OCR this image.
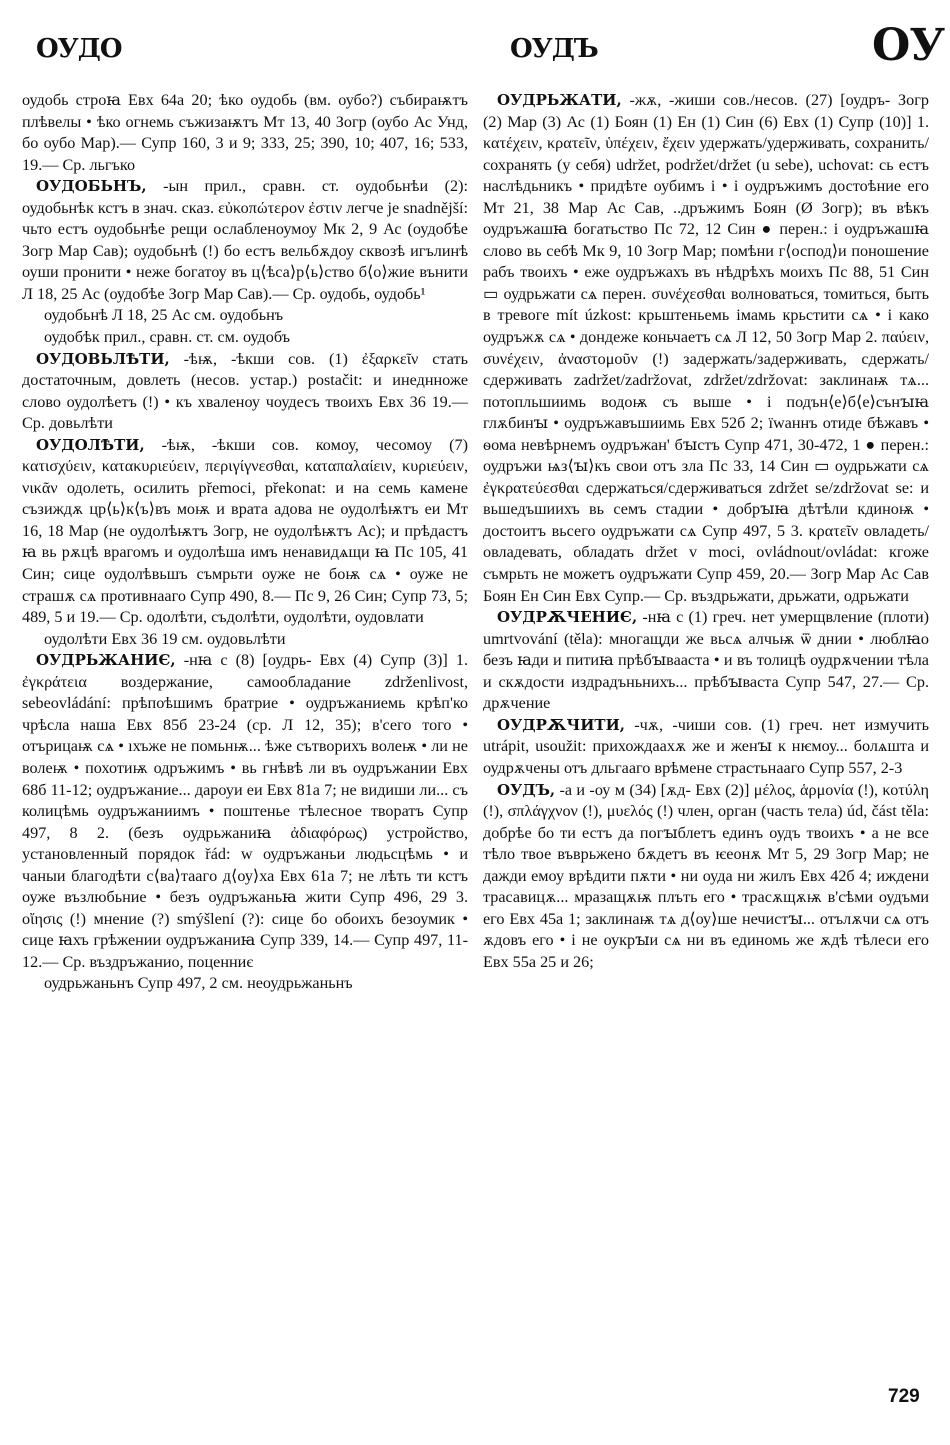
ОУДО	ОУДЪ	ОУ

оудобь строꙗ Евх 64а 20; ѣко оудобь (вм. оубо?) събираѭтъ плѣвелы • ѣко огнемь съжизаѭтъ Мт 13, 40 Зогр (оубо Ас Унд, бо оубо Мар).— Супр 160, 3 и 9; 333, 25; 390, 10; 407, 16; 533, 19.— Ср. льгъко

ОУДОБЬНЪ, -ын прил., сравн. ст. оудобьнѣи (2): оудобьнѣк кстъ в знач. сказ. εὐκοπώτερον ἐστιν легче je snadnější: чьто естъ оудобьнѣе рещи ослабленоумоу Мк 2, 9 Ас (оудобѣе Зогр Мар Сав); оудобьнѣ (!) бо естъ вельбѫдоу сквозѣ игълинѣ оуши пронити • неже богатоу въ ц⟨ѣса⟩р⟨ь⟩ство б⟨о⟩жие вънити Л 18, 25 Ас (оудобѣе Зогр Мар Сав).— Ср. оудобь, оудобь¹

оудобьнѣ Л 18, 25 Ас см. оудобьнъ

оудобѣк прил., сравн. ст. см. оудобъ

ОУДОВЬЛѢТИ, -ѣѭ, -ѣкши сов. (1) ἐξαρκεῖν стать достаточным, довлеть (несов. устар.) postačit: и инеднноже слово оудолѣетъ (!) • къ хваленоу чоудесъ твоихъ Евх 36 19.— Ср. довьлѣти

ОУДОЛѢТИ, -ѣѭ, -ѣкши сов. комоу, чесомоу (7) κατισχύειν, κατακυριεύειν, περιγίγνεσθαι, καταπαλαίειν, κυριεύειν, νικᾶν одолеть, осилить přemoci, překonat: и на семь камене съзиждѫ цр⟨ь⟩к⟨ъ⟩въ моѭ и врата адова не оудолѣѭтъ еи Мт 16, 18 Мар (не оудолѣѭтъ Зогр, не оудолѣѭтъ Ас); и прѣдастъ ꙗ вь рѫцѣ врагомъ и оудолѣша имъ ненавидѧщи ꙗ Пс 105, 41 Син; сице оудолѣвьшъ съмрьти оуже не боѭ сѧ • оуже не страшѫ сѧ противнааго Супр 490, 8.— Пс 9, 26 Син; Супр 73, 5; 489, 5 и 19.— Ср. одолѣти, съдолѣти, оудолѣти, оудовлати

оудолѣти Евх 36 19 см. оудовьлѣти

ОУДРЬЖАНИЄ, -нꙗ с (8) [оудрь- Евх (4) Супр (3)] 1. ἐγκράτεια воздержание, самообладание zdrženlivost, sebeovládání: прѣпоѣшимъ братрие • оудръжаниемь крѣп'ко чрѣсла наша Евх 85б 23-24 (ср. Л 12, 35); в'сего того • отърицаѭ сѧ • ıхъже не помьнѭ... ѣже сътворихъ волеѭ • ли не волеѭ • похотиѭ одръжимъ • вь гнѣвѣ ли въ оудръжании Евх 68б 11-12; оудръжание... дароуи еи Евх 81а 7; не видиши ли... съ колицѣмь оудръжаниимъ • поштенье тѣлесное творатъ Супр 497, 8 2. (безъ оудрьжаниꙗ ἀδιαφόρως) устройство, установленный порядок řád: w оудръжаньи людьсцѣмь • и чаныи благодѣти с⟨ва⟩таагo д⟨оу⟩ха Евх 61а 7; не лѣть ти кстъ оуже възлюбьние • безъ оудръжаньꙗ жити Супр 496, 29 3. οἴησις (!) мнение (?) smýšlení (?): сице бо обоихъ безоумик • сице ꙗхъ грѣжении оудръжаниꙗ Супр 339, 14.— Супр 497, 11-12.— Ср. въздръжанио, поценниє

оудрьжаньнъ Супр 497, 2 см. неоудрьжаньнъ

ОУДРЬЖАТИ, -жѫ, -жиши сов./несов. (27) [оудръ- Зогр (2) Мар (3) Ас (1) Боян (1) Ен (1) Син (6) Евх (1) Супр (10)] 1. κατέχειν, κρατεῖν, ὑπέχειν, ἔχειν удержать/удерживать, сохранить/сохранять (у себя) udržet, podržet/držet (u sebe), uchovat: сь естъ наслѣдьникъ • придѣте оубимъ і • і оудръжимъ достоѣние его Мт 21, 38 Мар Ас Сав, ..дръжимъ Боян (Ø Зогр); въ вѣкъ оудръжашꙗ богатьство Пс 72, 12 Син ● перен.: і оудръжашꙗ слово вь себѣ Мк 9, 10 Зогр Мар; помѣни г⟨оспод⟩и поношение рабъ твоихъ • еже оудръжахъ въ нѣдрѣхъ моихъ Пс 88, 51 Син ▭ оудрьжати сѧ перен. συνέχεσθαι волноваться, томиться, быть в тревоге mít úzkost: крьштеньемь імамь крьстити сѧ • і како оудръжѫ сѧ • дондеже коньчаетъ сѧ Л 12, 50 Зогр Мар 2. παύειν, συνέχειν, ἀναστομοῦν (!) задержать/задерживать, сдержать/сдерживать zadržet/zadržovat, zdržet/zdržovat: заклинаѭ тѧ... потопльшиимь водоѭ съ выше • і подън⟨е⟩б⟨е⟩сънꙑꙗ глѫбинꙑ • оудръжавъшиимь Евх 52б 2; їwаннъ отиде бѣжавъ • ѳома невѣрнемъ оудръжан' бꙑстъ Супр 471, 30-472, 1 ● перен.: оудръжи ѩз⟨ꙑ⟩къ свои отъ зла Пс 33, 14 Син ▭ оудрьжати сѧ ἐγκρατεύεσθαι сдержаться/сдерживаться zdržet se/zdržovat se: и вьшедъшиихъ вь семъ стадии • добрꙑꙗ дѣтѣли кдиноѭ • достоитъ вьсего оудръжати сѧ Супр 497, 5 3. κρατεῖν овладеть/овладевать, обладать držet v moci, ovládnout/ovládat: кгоже съмрьть не можетъ оудръжати Супр 459, 20.— Зогр Мар Ас Сав Боян Ен Син Евх Супр.— Ср. въздрьжати, дрьжати, одрьжати

ОУДРѪЧЕНИЄ, -нꙗ с (1) греч. нет умерщвление (плоти) umrtvování (těla): многащди же вьсѧ алчьѭ ѿ днии • люблꙗо безъ ꙗди и питиꙗ прѣбꙑвааста • и въ толицѣ оудрѫчении тѣла и скѫдости издрадъньнихъ... прѣбꙑваста Супр 547, 27.— Ср. дрѫчение

ОУДРѪЧИТИ, -чѫ, -чиши сов. (1) греч. нет измучить utrápit, usoužit: прихождааxѫ же и женꙑ к нѥмоу... болѧшта и оудрѫчены отъ дльгааго врѣмене страстьнааго Супр 557, 2-3

ОУДЪ, -а и -оу м (34) [ѫд- Евх (2)] μέλος, ἁρμονία (!), κοτύλη (!), σπλάγχνον (!), μυελός (!) член, орган (часть тела) úd, část těla: добрѣе бо ти естъ да погꙑблетъ единъ оудъ твоихъ • а не все тѣло твое въврьжено бѫдетъ въ ѥеонѫ Мт 5, 29 Зогр Мар; не дажди емоу врѣдити пѫти • ни оуда ни жилъ Евх 42б 4; иждени трасавицѫ... мразащѫѭ плъть его • трасѫщѫѭ в'сѣми оудъми его Евх 45а 1; заклинаѭ тѧ д⟨оу⟩ше нечистꙑ... отълѫчи сѧ отъ ѫдовъ его • і не оукрꙑи сѧ ни въ единомь же ѫдѣ тѣлеси его Евх 55а 25 и 26;

729
